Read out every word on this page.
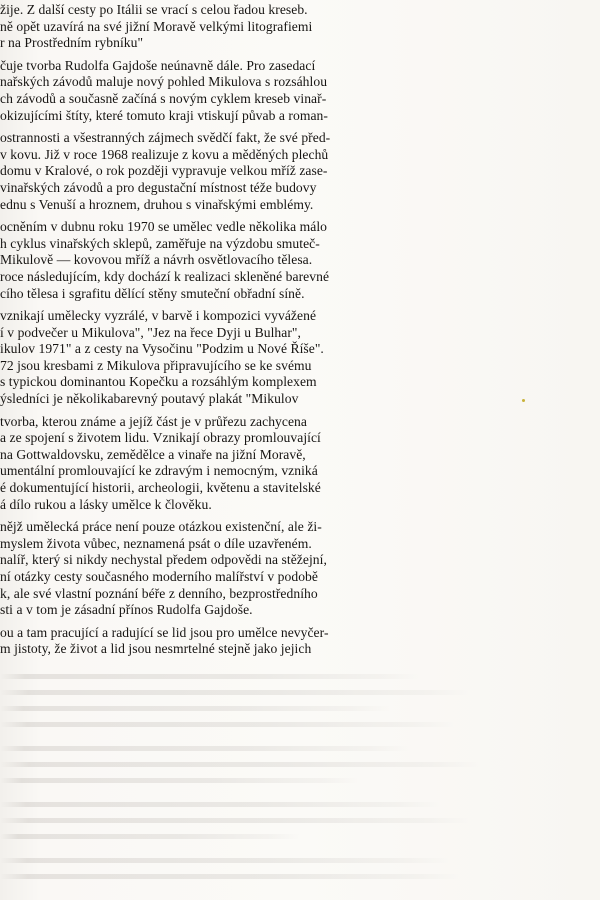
žije. Z další cesty po Itálii se vrací s celou řadou kreseb.
ně opět uzavírá na své jižní Moravě velkými litografiemi
r na Prostředním rybníku"
čuje tvorba Rudolfa Gajdoše neúnavně dále. Pro zasedací
nařských závodů maluje nový pohled Mikulova s rozsáhlou
ch závodů a současně začíná s novým cyklem kreseb vinař-
okizujícími štíty, které tomuto kraji vtiskují půvab a roman-
ostrannosti a všestranných zájmech svědčí fakt, že své před-
v kovu. Již v roce 1968 realizuje z kovu a měděných plechů
domu v Kralové, o rok později vypravuje velkou mříž zase-
vinařských závodů a pro degustační místnost téže budovy
ednu s Venuší a hroznem, druhou s vinařskými emblémy.
ocněním v dubnu roku 1970 se umělec vedle několika málo
h cyklus vinařských sklepů, zaměřuje na výzdobu smuteč-
Mikulově — kovovou mříž a návrh osvětlovacího tělesa.
roce následujícím, kdy dochází k realizaci skleněné barevné
cího tělesa i sgrafitu dělící stěny smuteční obřadní síně.
vznikají umělecky vyzrálé, v barvě i kompozici vyvážené
í v podvečer u Mikulova", "Jez na řece Dyji u Bulhar",
ikulov 1971" a z cesty na Vysočinu "Podzim u Nové Říše".
72 jsou kresbami z Mikulova připravujícího se ke svému
s typickou dominantou Kopečku a rozsáhlým komplexem
ýsledníci je několikabarevný poutavý plakát "Mikulov
tvorba, kterou známe a jejíž část je v průřezu zachycena
a ze spojení s životem lidu. Vznikají obrazy promlouvající
na Gottwaldovsku, zemědělce a vinaře na jižní Moravě,
umentální promlouvající ke zdravým i nemocným, vzniká
é dokumentující historii, archeologii, květenu a stavitelské
á dílo rukou a lásky umělce k člověku.
nějž umělecká práce není pouze otázkou existenční, ale ži-
myslem života vůbec, neznamená psát o díle uzavřeném.
nalíř, který si nikdy nechystal předem odpovědi na stěžejní,
ní otázky cesty současného moderního malířství v podobě
k, ale své vlastní poznání béře z denního, bezprostředního
sti a v tom je zásadní přínos Rudolfa Gajdoše.
ou a tam pracující a radující se lid jsou pro umělce nevyčer-
m jistoty, že život a lid jsou nesmrtelné stejně jako jejich
